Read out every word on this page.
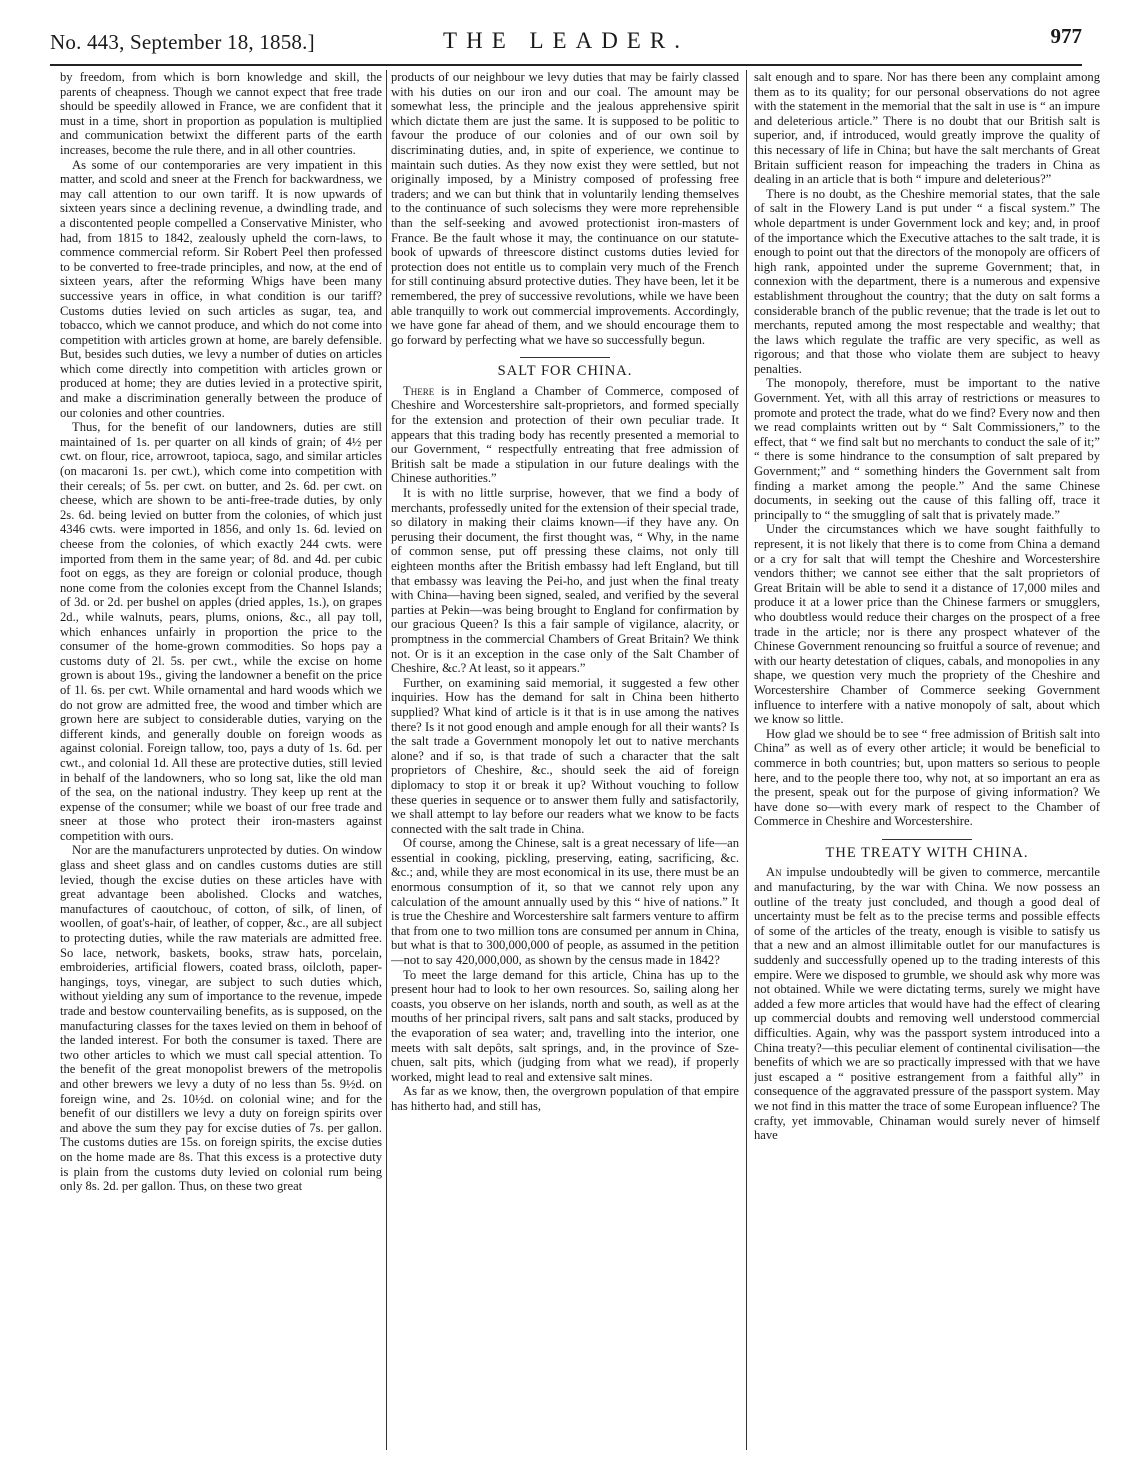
No. 443, September 18, 1858.]	THE LEADER.	977

by freedom, from which is born knowledge and skill, the parents of cheapness. Though we cannot expect that free trade should be speedily allowed in France, we are confident that it must in a time, short in proportion as population is multiplied and communication betwixt the different parts of the earth increases, become the rule there, and in all other countries.

As some of our contemporaries are very impatient in this matter, and scold and sneer at the French for backwardness, we may call attention to our own tariff. It is now upwards of sixteen years since a declining revenue, a dwindling trade, and a discontented people compelled a Conservative Minister, who had, from 1815 to 1842, zealously upheld the corn-laws, to commence commercial reform. Sir Robert Peel then professed to be converted to free-trade principles, and now, at the end of sixteen years, after the reforming Whigs have been many successive years in office, in what condition is our tariff? Customs duties levied on such articles as sugar, tea, and tobacco, which we cannot produce, and which do not come into competition with articles grown at home, are barely defensible. But, besides such duties, we levy a number of duties on articles which come directly into competition with articles grown or produced at home; they are duties levied in a protective spirit, and make a discrimination generally between the produce of our colonies and other countries.

Thus, for the benefit of our landowners, duties are still maintained of 1s. per quarter on all kinds of grain; of 4½ per cwt. on flour, rice, arrowroot, tapioca, sago, and similar articles (on macaroni 1s. per cwt.), which come into competition with their cereals; of 5s. per cwt. on butter, and 2s. 6d. per cwt. on cheese, which are shown to be anti-free-trade duties, by only 2s. 6d. being levied on butter from the colonies, of which just 4346 cwts. were imported in 1856, and only 1s. 6d. levied on cheese from the colonies, of which exactly 244 cwts. were imported from them in the same year; of 8d. and 4d. per cubic foot on eggs, as they are foreign or colonial produce, though none come from the colonies except from the Channel Islands; of 3d. or 2d. per bushel on apples (dried apples, 1s.), on grapes 2d., while walnuts, pears, plums, onions, &c., all pay toll, which enhances unfairly in proportion the price to the consumer of the home-grown commodities. So hops pay a customs duty of 2l. 5s. per cwt., while the excise on home grown is about 19s., giving the landowner a benefit on the price of 1l. 6s. per cwt. While ornamental and hard woods which we do not grow are admitted free, the wood and timber which are grown here are subject to considerable duties, varying on the different kinds, and generally double on foreign woods as against colonial. Foreign tallow, too, pays a duty of 1s. 6d. per cwt., and colonial 1d. All these are protective duties, still levied in behalf of the landowners, who so long sat, like the old man of the sea, on the national industry. They keep up rent at the expense of the consumer; while we boast of our free trade and sneer at those who protect their iron-masters against competition with ours.

Nor are the manufacturers unprotected by duties. On window glass and sheet glass and on candles customs duties are still levied, though the excise duties on these articles have with great advantage been abolished. Clocks and watches, manufactures of caoutchouc, of cotton, of silk, of linen, of woollen, of goat's-hair, of leather, of copper, &c., are all subject to protecting duties, while the raw materials are admitted free. So lace, network, baskets, books, straw hats, porcelain, embroideries, artificial flowers, coated brass, oilcloth, paper-hangings, toys, vinegar, are subject to such duties which, without yielding any sum of importance to the revenue, impede trade and bestow countervailing benefits, as is supposed, on the manufacturing classes for the taxes levied on them in behoof of the landed interest. For both the consumer is taxed. There are two other articles to which we must call special attention. To the benefit of the great monopolist brewers of the metropolis and other brewers we levy a duty of no less than 5s. 9½d. on foreign wine, and 2s. 10½d. on colonial wine; and for the benefit of our distillers we levy a duty on foreign spirits over and above the sum they pay for excise duties of 7s. per gallon. The customs duties are 15s. on foreign spirits, the excise duties on the home made are 8s. That this excess is a protective duty is plain from the customs duty levied on colonial rum being only 8s. 2d. per gallon. Thus, on these two great

products of our neighbour we levy duties that may be fairly classed with his duties on our iron and our coal. The amount may be somewhat less, the principle and the jealous apprehensive spirit which dictate them are just the same. It is supposed to be politic to favour the produce of our colonies and of our own soil by discriminating duties, and, in spite of experience, we continue to maintain such duties. As they now exist they were settled, but not originally imposed, by a Ministry composed of professing free traders; and we can but think that in voluntarily lending themselves to the continuance of such solecisms they were more reprehensible than the self-seeking and avowed protectionist iron-masters of France. Be the fault whose it may, the continuance on our statute-book of upwards of threescore distinct customs duties levied for protection does not entitle us to complain very much of the French for still continuing absurd protective duties. They have been, let it be remembered, the prey of successive revolutions, while we have been able tranquilly to work out commercial improvements. Accordingly, we have gone far ahead of them, and we should encourage them to go forward by perfecting what we have so successfully begun.

SALT FOR CHINA.

There is in England a Chamber of Commerce, composed of Cheshire and Worcestershire salt-proprietors, and formed specially for the extension and protection of their own peculiar trade. It appears that this trading body has recently presented a memorial to our Government, “ respectfully entreating that free admission of British salt be made a stipulation in our future dealings with the Chinese authorities.”

It is with no little surprise, however, that we find a body of merchants, professedly united for the extension of their special trade, so dilatory in making their claims known—if they have any. On perusing their document, the first thought was, “ Why, in the name of common sense, put off pressing these claims, not only till eighteen months after the British embassy had left England, but till that embassy was leaving the Pei-ho, and just when the final treaty with China—having been signed, sealed, and verified by the several parties at Pekin—was being brought to England for confirmation by our gracious Queen? Is this a fair sample of vigilance, alacrity, or promptness in the commercial Chambers of Great Britain? We think not. Or is it an exception in the case only of the Salt Chamber of Cheshire, &c.? At least, so it appears.”

Further, on examining said memorial, it suggested a few other inquiries. How has the demand for salt in China been hitherto supplied? What kind of article is it that is in use among the natives there? Is it not good enough and ample enough for all their wants? Is the salt trade a Government monopoly let out to native merchants alone? and if so, is that trade of such a character that the salt proprietors of Cheshire, &c., should seek the aid of foreign diplomacy to stop it or break it up? Without vouching to follow these queries in sequence or to answer them fully and satisfactorily, we shall attempt to lay before our readers what we know to be facts connected with the salt trade in China.

Of course, among the Chinese, salt is a great necessary of life—an essential in cooking, pickling, preserving, eating, sacrificing, &c. &c.; and, while they are most economical in its use, there must be an enormous consumption of it, so that we cannot rely upon any calculation of the amount annually used by this “ hive of nations.” It is true the Cheshire and Worcestershire salt farmers venture to affirm that from one to two million tons are consumed per annum in China, but what is that to 300,000,000 of people, as assumed in the petition—not to say 420,000,000, as shown by the census made in 1842?

To meet the large demand for this article, China has up to the present hour had to look to her own resources. So, sailing along her coasts, you observe on her islands, north and south, as well as at the mouths of her principal rivers, salt pans and salt stacks, produced by the evaporation of sea water; and, travelling into the interior, one meets with salt depôts, salt springs, and, in the province of Sze-chuen, salt pits, which (judging from what we read), if properly worked, might lead to real and extensive salt mines.

As far as we know, then, the overgrown population of that empire has hitherto had, and still has,

salt enough and to spare. Nor has there been any complaint among them as to its quality; for our personal observations do not agree with the statement in the memorial that the salt in use is “ an impure and deleterious article.” There is no doubt that our British salt is superior, and, if introduced, would greatly improve the quality of this necessary of life in China; but have the salt merchants of Great Britain sufficient reason for impeaching the traders in China as dealing in an article that is both “ impure and deleterious?”

There is no doubt, as the Cheshire memorial states, that the sale of salt in the Flowery Land is put under “ a fiscal system.” The whole department is under Government lock and key; and, in proof of the importance which the Executive attaches to the salt trade, it is enough to point out that the directors of the monopoly are officers of high rank, appointed under the supreme Government; that, in connexion with the department, there is a numerous and expensive establishment throughout the country; that the duty on salt forms a considerable branch of the public revenue; that the trade is let out to merchants, reputed among the most respectable and wealthy; that the laws which regulate the traffic are very specific, as well as rigorous; and that those who violate them are subject to heavy penalties.

The monopoly, therefore, must be important to the native Government. Yet, with all this array of restrictions or measures to promote and protect the trade, what do we find? Every now and then we read complaints written out by “ Salt Commissioners,” to the effect, that “ we find salt but no merchants to conduct the sale of it;” “ there is some hindrance to the consumption of salt prepared by Government;” and “ something hinders the Government salt from finding a market among the people.” And the same Chinese documents, in seeking out the cause of this falling off, trace it principally to “ the smuggling of salt that is privately made.”

Under the circumstances which we have sought faithfully to represent, it is not likely that there is to come from China a demand or a cry for salt that will tempt the Cheshire and Worcestershire vendors thither; we cannot see either that the salt proprietors of Great Britain will be able to send it a distance of 17,000 miles and produce it at a lower price than the Chinese farmers or smugglers, who doubtless would reduce their charges on the prospect of a free trade in the article; nor is there any prospect whatever of the Chinese Government renouncing so fruitful a source of revenue; and with our hearty detestation of cliques, cabals, and monopolies in any shape, we question very much the propriety of the Cheshire and Worcestershire Chamber of Commerce seeking Government influence to interfere with a native monopoly of salt, about which we know so little.

How glad we should be to see “ free admission of British salt into China” as well as of every other article; it would be beneficial to commerce in both countries; but, upon matters so serious to people here, and to the people there too, why not, at so important an era as the present, speak out for the purpose of giving information? We have done so—with every mark of respect to the Chamber of Commerce in Cheshire and Worcestershire.

THE TREATY WITH CHINA.

An impulse undoubtedly will be given to commerce, mercantile and manufacturing, by the war with China. We now possess an outline of the treaty just concluded, and though a good deal of uncertainty must be felt as to the precise terms and possible effects of some of the articles of the treaty, enough is visible to satisfy us that a new and an almost illimitable outlet for our manufactures is suddenly and successfully opened up to the trading interests of this empire. Were we disposed to grumble, we should ask why more was not obtained. While we were dictating terms, surely we might have added a few more articles that would have had the effect of clearing up commercial doubts and removing well understood commercial difficulties. Again, why was the passport system introduced into a China treaty?—this peculiar element of continental civilisation—the benefits of which we are so practically impressed with that we have just escaped a “ positive estrangement from a faithful ally” in consequence of the aggravated pressure of the passport system. May we not find in this matter the trace of some European influence? The crafty, yet immovable, Chinaman would surely never of himself have
